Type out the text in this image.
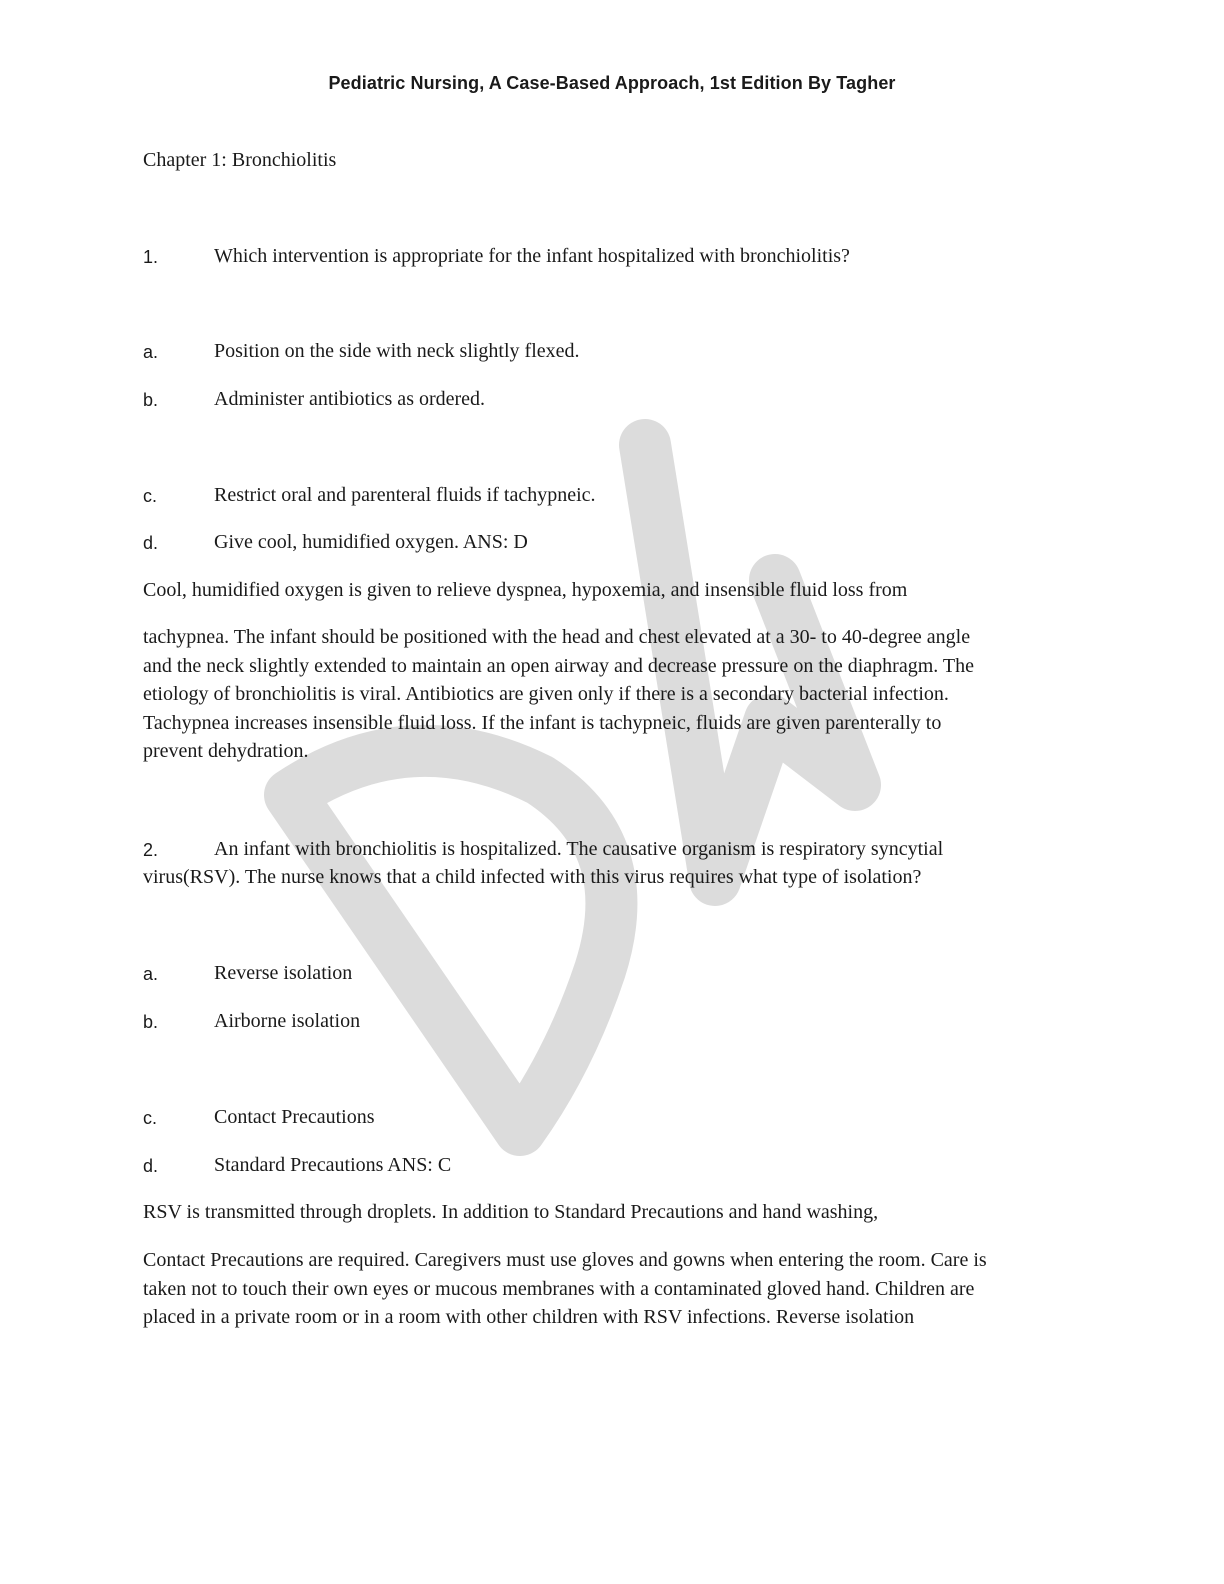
Pediatric Nursing, A Case-Based Approach, 1st Edition By Tagher
Chapter 1: Bronchiolitis
1.	Which intervention is appropriate for the infant hospitalized with bronchiolitis?
a.	Position on the side with neck slightly flexed.
b.	Administer antibiotics as ordered.
c.	Restrict oral and parenteral fluids if tachypneic.
d.	Give cool, humidified oxygen. ANS: D
Cool, humidified oxygen is given to relieve dyspnea, hypoxemia, and insensible fluid loss from
tachypnea. The infant should be positioned with the head and chest elevated at a 30- to 40-degree angle
and the neck slightly extended to maintain an open airway and decrease pressure on the diaphragm. The
etiology of bronchiolitis is viral. Antibiotics are given only if there is a secondary bacterial infection.
Tachypnea increases insensible fluid loss. If the infant is tachypneic, fluids are given parenterally to
prevent dehydration.
2.	An infant with bronchiolitis is hospitalized. The causative organism is respiratory syncytial
virus(RSV). The nurse knows that a child infected with this virus requires what type of isolation?
a.	Reverse isolation
b.	Airborne isolation
c.	Contact Precautions
d.	Standard Precautions ANS: C
RSV is transmitted through droplets. In addition to Standard Precautions and hand washing,
Contact Precautions are required. Caregivers must use gloves and gowns when entering the room. Care is
taken not to touch their own eyes or mucous membranes with a contaminated gloved hand. Children are
placed in a private room or in a room with other children with RSV infections. Reverse isolation
